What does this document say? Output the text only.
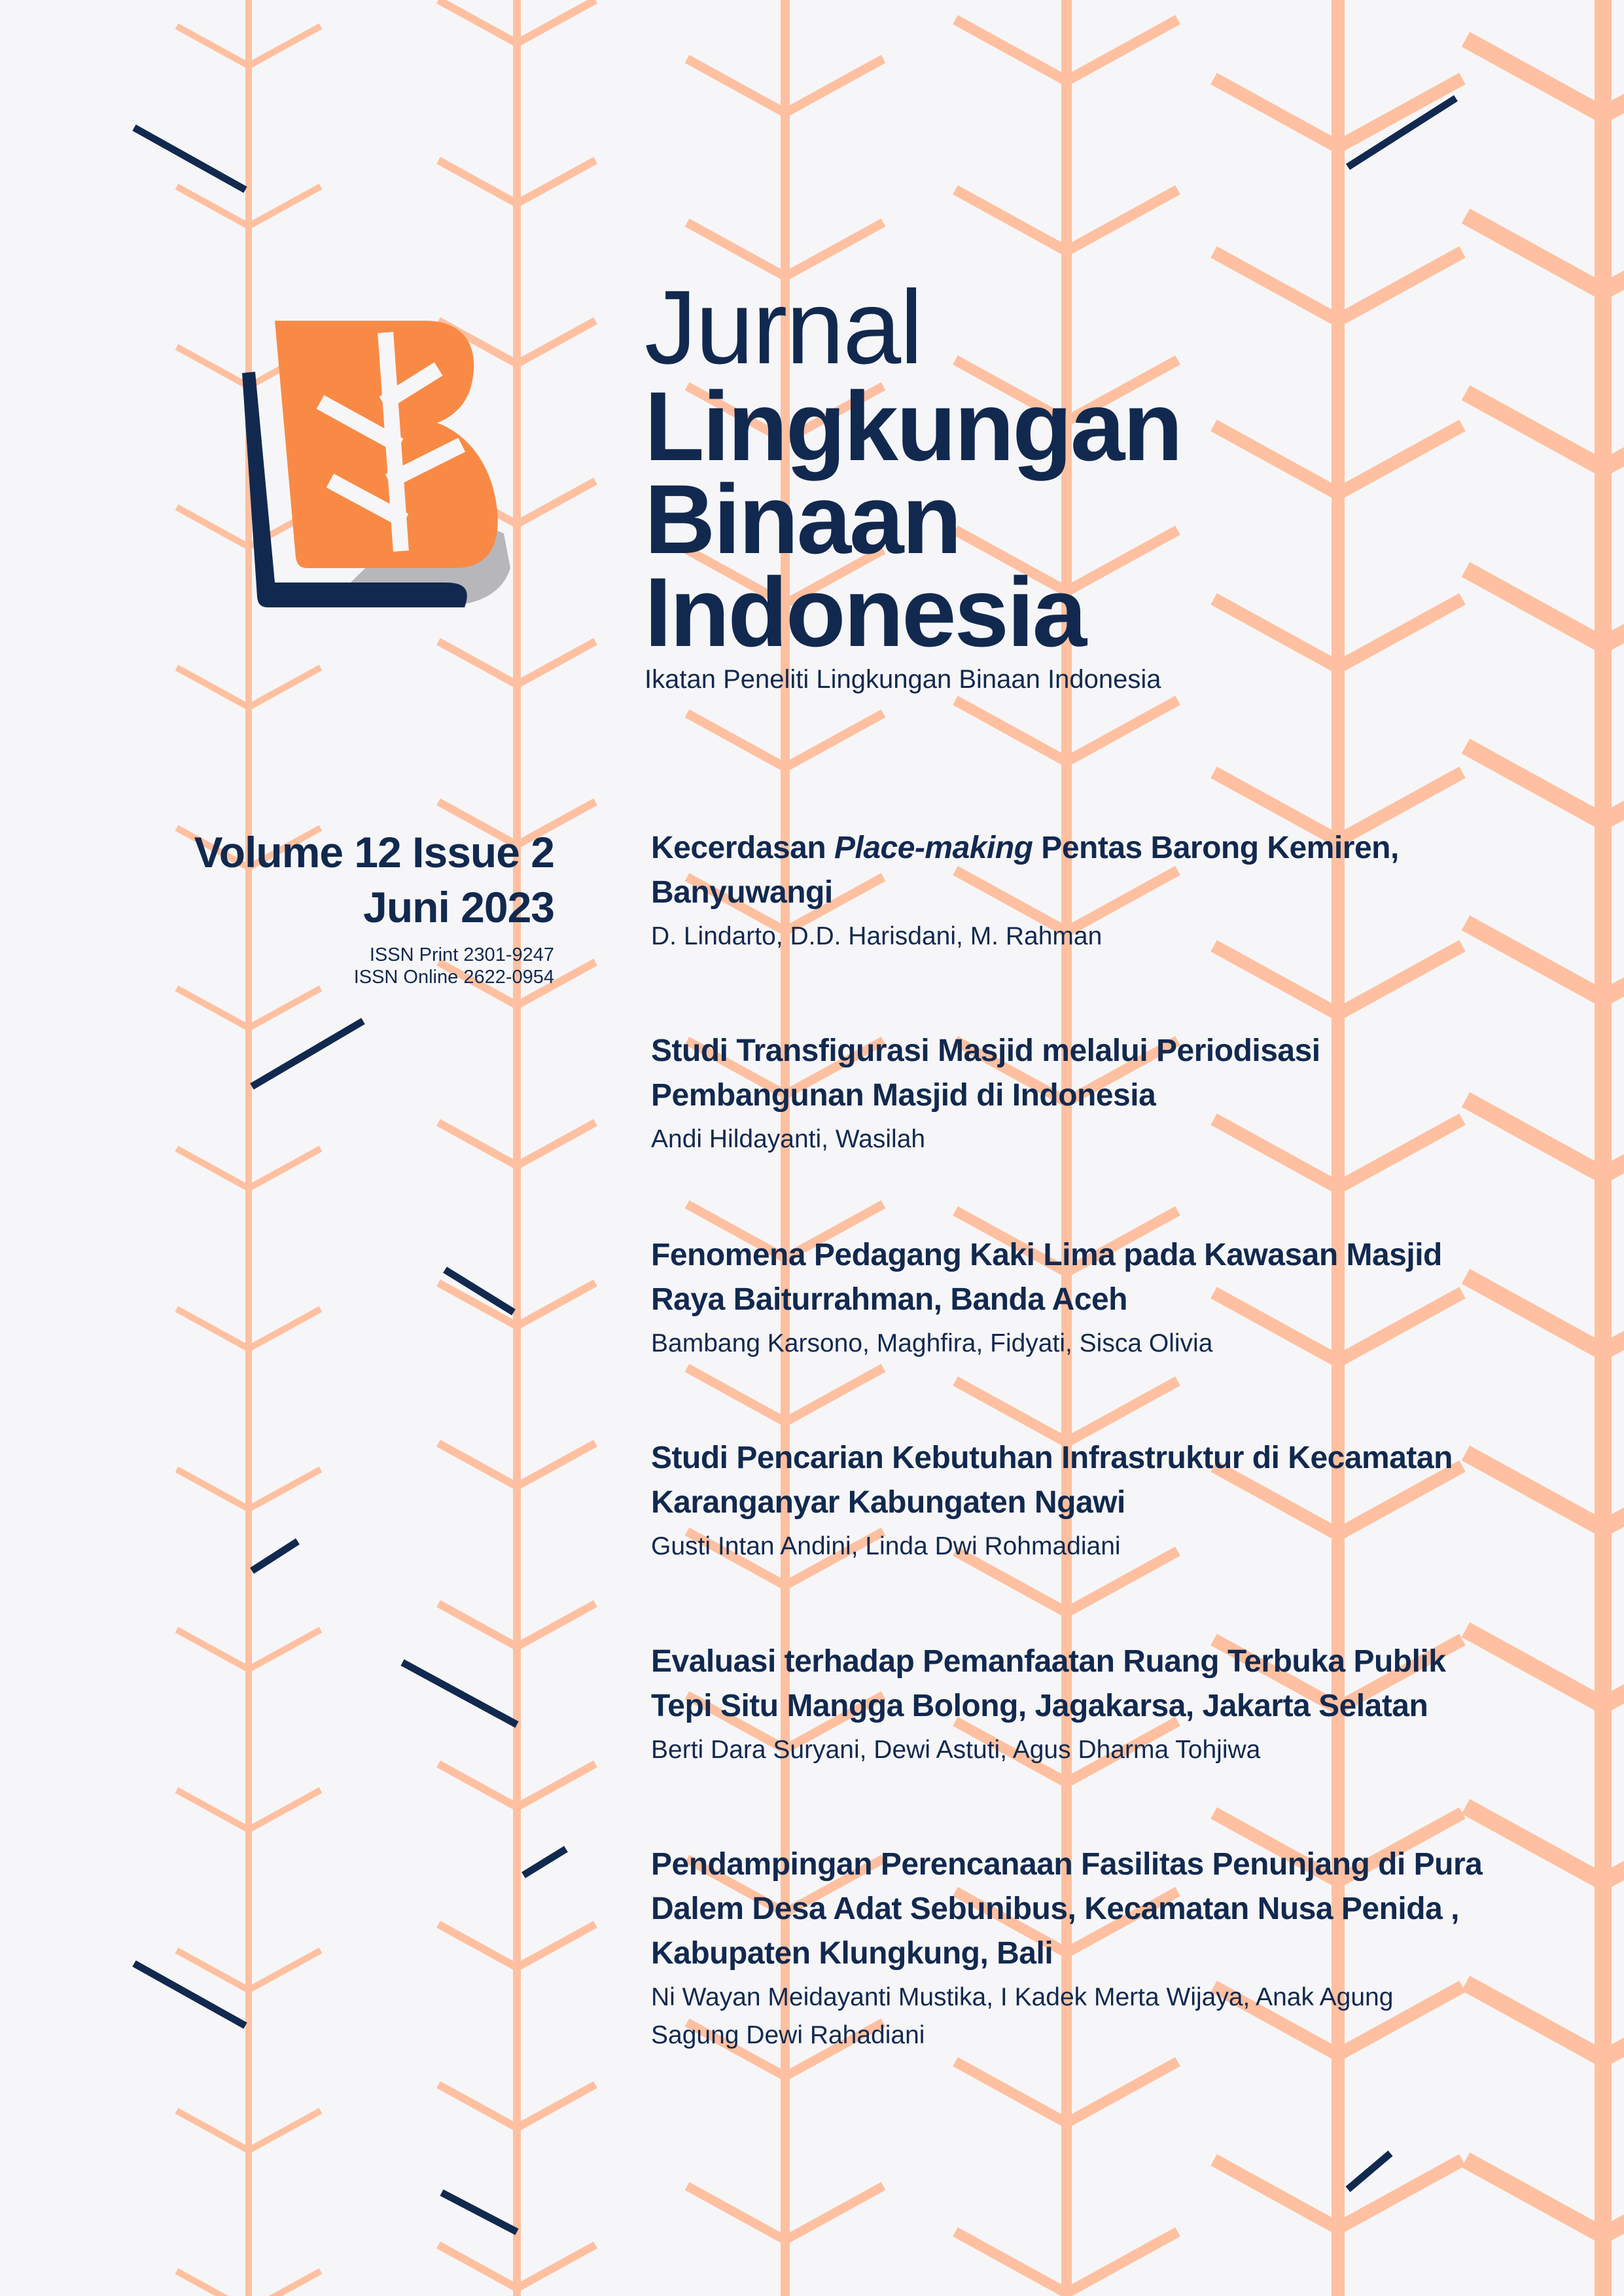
Jurnal
Lingkungan
Binaan
Indonesia
Ikatan Peneliti Lingkungan Binaan Indonesia
Volume 12 Issue 2
Juni 2023
ISSN Print 2301-9247
ISSN Online 2622-0954
Kecerdasan Place-making Pentas Barong Kemiren,
Banyuwangi
D. Lindarto, D.D. Harisdani, M. Rahman
Studi Transfigurasi Masjid melalui Periodisasi
Pembangunan Masjid di Indonesia
Andi Hildayanti, Wasilah
Fenomena Pedagang Kaki Lima pada Kawasan Masjid
Raya Baiturrahman, Banda Aceh
Bambang Karsono, Maghfira, Fidyati, Sisca Olivia
Studi Pencarian Kebutuhan Infrastruktur di Kecamatan
Karanganyar Kabungaten Ngawi
Gusti Intan Andini, Linda Dwi Rohmadiani
Evaluasi terhadap Pemanfaatan Ruang Terbuka Publik
Tepi Situ Mangga Bolong, Jagakarsa, Jakarta Selatan
Berti Dara Suryani, Dewi Astuti, Agus Dharma Tohjiwa
Pendampingan Perencanaan Fasilitas Penunjang di Pura
Dalem Desa Adat Sebunibus, Kecamatan Nusa Penida ,
Kabupaten Klungkung, Bali
Ni Wayan Meidayanti Mustika, I Kadek Merta Wijaya, Anak Agung
Sagung Dewi Rahadiani
